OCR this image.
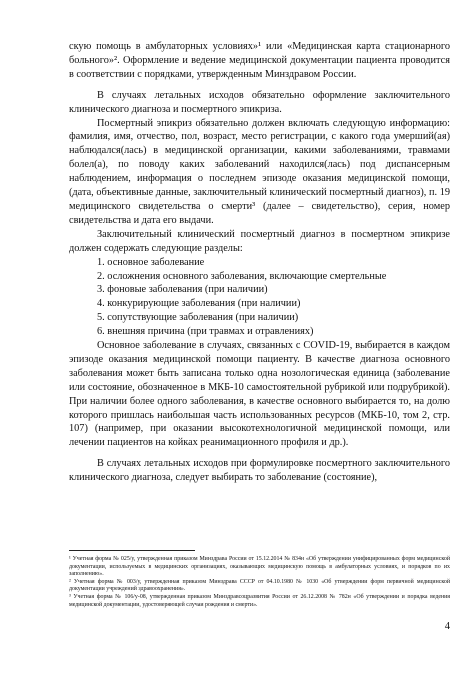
скую помощь в амбулаторных условиях»¹ или «Медицинская карта стационарного больного»². Оформление и ведение медицинской документации пациента проводится в соответствии с порядками, утвержденным Минздравом России.

В случаях летальных исходов обязательно оформление заключительного клинического диагноза и посмертного эпикриза.

Посмертный эпикриз обязательно должен включать следующую информацию: фамилия, имя, отчество, пол, возраст, место регистрации, с какого года умерший(ая) наблюдался(лась) в медицинской организации, какими заболеваниями, травмами болел(а), по поводу каких заболеваний находился(лась) под диспансерным наблюдением, информация о последнем эпизоде оказания медицинской помощи, (дата, объективные данные, заключительный клинический посмертный диагноз), п. 19 медицинского свидетельства о смерти³ (далее – свидетельство), серия, номер свидетельства и дата его выдачи.

Заключительный клинический посмертный диагноз в посмертном эпикризе должен содержать следующие разделы:

1. основное заболевание
2. осложнения основного заболевания, включающие смертельные
3. фоновые заболевания (при наличии)
4. конкурирующие заболевания (при наличии)
5. сопутствующие заболевания (при наличии)
6. внешняя причина (при травмах и отравлениях)

Основное заболевание в случаях, связанных с COVID-19, выбирается в каждом эпизоде оказания медицинской помощи пациенту. В качестве диагноза основного заболевания может быть записана только одна нозологическая единица (заболевание или состояние, обозначенное в МКБ-10 самостоятельной рубрикой или подрубрикой). При наличии более одного заболевания, в качестве основного выбирается то, на долю которого пришлась наибольшая часть использованных ресурсов (МКБ-10, том 2, стр. 107) (например, при оказании высокотехнологичной медицинской помощи, или лечении пациентов на койках реанимационного профиля и др.).

В случаях летальных исходов при формулировке посмертного заключительного клинического диагноза, следует выбирать то заболевание (состояние),

¹ Учетная форма № 025/у, утвержденная приказом Минздрава России от 15.12.2014 № 834н «Об утверждении унифицированных форм медицинской документации, используемых в медицинских организациях, оказывающих медицинскую помощь в амбулаторных условиях, и порядков по их заполнению».

² Учетная форма № 003/у, утвержденная приказом Минздрава СССР от 04.10.1980 № 1030 «Об утверждении форм первичной медицинской документации учреждений здравоохранения».

³ Учетная форма № 106/у-08, утвержденная приказом Минздравсоцразвития России от 26.12.2008 № 782н «Об утверждении и порядка ведения медицинской документации, удостоверяющей случаи рождения и смерти».

4
